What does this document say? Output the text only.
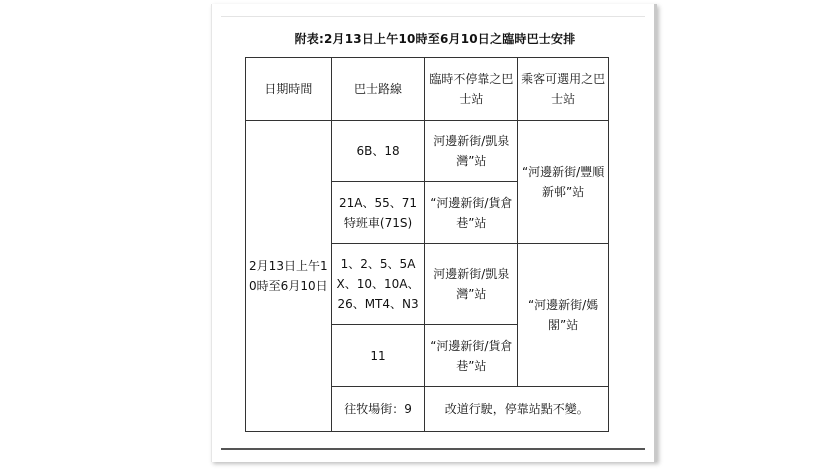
附表:2月13日上午10時至6月10日之臨時巴士安排
日期時間	巴士路線	臨時不停靠之巴士站	乘客可選用之巴士站
2月13日上午10時至6月10日	6B、18	河邊新街/凱泉灣”站	“河邊新街/豐順新邨”站
	21A、55、71 特班車(71S)	“河邊新街/貨倉巷”站	
	1、2、5、5AX、10、10A、26、MT4、N3	河邊新街/凱泉灣”站	“河邊新街/媽閣”站
	11	“河邊新街/貨倉巷”站	
	往牧場街：9	改道行駛，停靠站點不變。	
